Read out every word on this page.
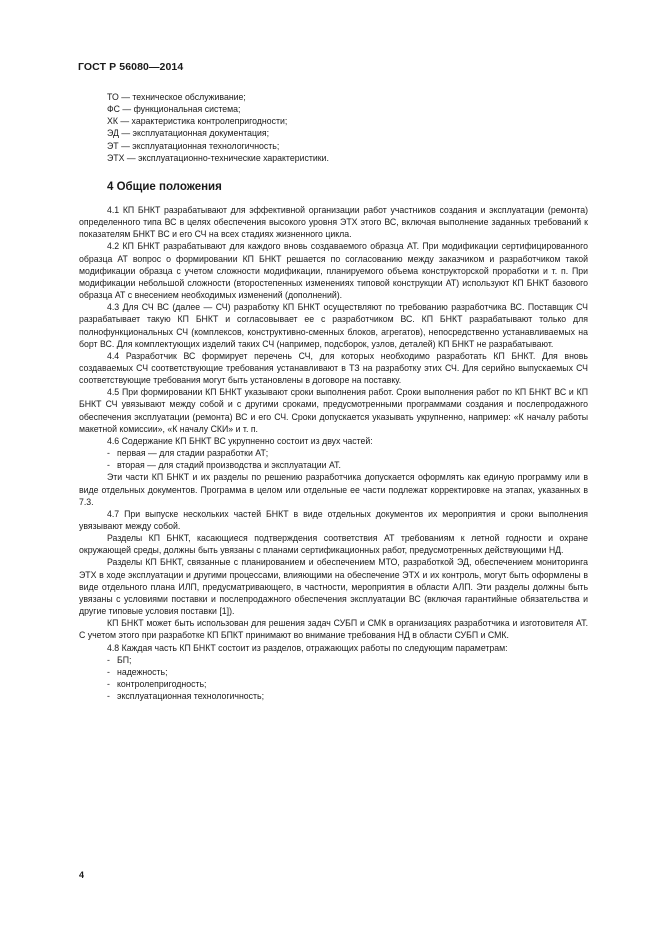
ГОСТ Р 56080—2014
ТО — техническое обслуживание;
ФС — функциональная система;
ХК — характеристика контролепригодности;
ЭД — эксплуатационная документация;
ЭТ — эксплуатационная технологичность;
ЭТХ — эксплуатационно-технические характеристики.
4 Общие положения

4.1 КП БНКТ разрабатывают для эффективной организации работ участников создания и эксплуатации (ремонта) определенного типа ВС в целях обеспечения высокого уровня ЭТХ этого ВС, включая выполнение заданных требований к показателям БНКТ ВС и его СЧ на всех стадиях жизненного цикла.

4.2 КП БНКТ разрабатывают для каждого вновь создаваемого образца АТ. При модификации сертифицированного образца АТ вопрос о формировании КП БНКТ решается по согласованию между заказчиком и разработчиком такой модификации образца с учетом сложности модификации, планируемого объема конструкторской проработки и т. п. При модификации небольшой сложности (второстепенных изменениях типовой конструкции АТ) используют КП БНКТ базового образца АТ с внесением необходимых изменений (дополнений).

4.3 Для СЧ ВС (далее — СЧ) разработку КП БНКТ осуществляют по требованию разработчика ВС. Поставщик СЧ разрабатывает такую КП БНКТ и согласовывает ее с разработчиком ВС. КП БНКТ разрабатывают только для полнофункциональных СЧ (комплексов, конструктивно-сменных блоков, агрегатов), непосредственно устанавливаемых на борт ВС. Для комплектующих изделий таких СЧ (например, подсборок, узлов, деталей) КП БНКТ не разрабатывают.

4.4 Разработчик ВС формирует перечень СЧ, для которых необходимо разработать КП БНКТ. Для вновь создаваемых СЧ соответствующие требования устанавливают в ТЗ на разработку этих СЧ. Для серийно выпускаемых СЧ соответствующие требования могут быть установлены в договоре на поставку.

4.5 При формировании КП БНКТ указывают сроки выполнения работ. Сроки выполнения работ по КП БНКТ ВС и КП БНКТ СЧ увязывают между собой и с другими сроками, предусмотренными программами создания и послепродажного обеспечения эксплуатации (ремонта) ВС и его СЧ. Сроки допускается указывать укрупненно, например: «К началу работы макетной комиссии», «К началу СКИ» и т. п.

4.6 Содержание КП БНКТ ВС укрупненно состоит из двух частей:

- первая — для стадии разработки АТ;
- вторая — для стадий производства и эксплуатации АТ.

Эти части КП БНКТ и их разделы по решению разработчика допускается оформлять как единую программу или в виде отдельных документов. Программа в целом или отдельные ее части подлежат корректировке на этапах, указанных в 7.3.

4.7 При выпуске нескольких частей БНКТ в виде отдельных документов их мероприятия и сроки выполнения увязывают между собой.

Разделы КП БНКТ, касающиеся подтверждения соответствия АТ требованиям к летной годности и охране окружающей среды, должны быть увязаны с планами сертификационных работ, предусмотренных действующими НД.

Разделы КП БНКТ, связанные с планированием и обеспечением МТО, разработкой ЭД, обеспечением мониторинга ЭТХ в ходе эксплуатации и другими процессами, влияющими на обеспечение ЭТХ и их контроль, могут быть оформлены в виде отдельного плана ИЛП, предусматривающего, в частности, мероприятия в области АЛП. Эти разделы должны быть увязаны с условиями поставки и послепродажного обеспечения эксплуатации ВС (включая гарантийные обязательства и другие типовые условия поставки [1]).

КП БНКТ может быть использован для решения задач СУБП и СМК в организациях разработчика и изготовителя АТ. С учетом этого при разработке КП БПКТ принимают во внимание требования НД в области СУБП и СМК.

4.8 Каждая часть КП БНКТ состоит из разделов, отражающих работы по следующим параметрам:

- БП;
- надежность;
- контролепригодность;
- эксплуатационная технологичность;
4
